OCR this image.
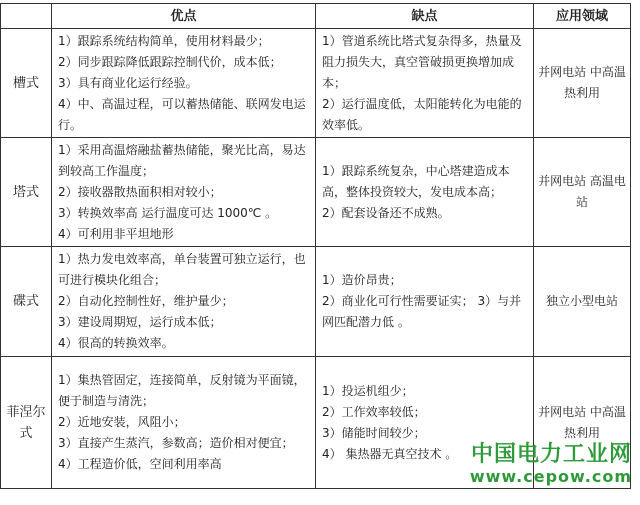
	优点	缺点	应用领域
槽式	1）跟踪系统结构简单，使用材料最少；
2）同步跟踪降低跟踪控制代价，成本低；
3）具有商业化运行经验。
4）中、高温过程，可以蓄热储能、联网发电运行。	1）管道系统比塔式复杂得多，热量及阻力损失大，真空管破损更换增加成本；
2）运行温度低，太阳能转化为电能的效率低。	并网电站 中高温热利用
塔式	1）采用高温熔融盐蓄热储能，聚光比高，易达到较高工作温度；
2）接收器散热面积相对较小；
3）转换效率高 运行温度可达 1000℃ 。
4）可利用非平坦地形	1）跟踪系统复杂，中心塔建造成本高，整体投资较大，发电成本高；
2）配套设备还不成熟。	并网电站 高温电站
碟式	1）热力发电效率高，单台装置可独立运行，也可进行模块化组合；
2）自动化控制性好，维护量少；
3）建设周期短，运行成本低；
4）很高的转换效率。	1）造价昂贵；
2）商业化可行性需要证实； 3）与并网匹配潜力低 。	独立小型电站
菲涅尔式	1）集热管固定，连接简单，反射镜为平面镜，便于制造与清洗；
2）近地安装，风阻小；
3）直接产生蒸汽，参数高；造价相对便宜；
4）工程造价低，空间利用率高	1）投运机组少；
2）工作效率较低；
3）储能时间较少；
4） 集热器无真空技术 。	并网电站 中高温热利用
中国电力工业网
www.cepow.com
